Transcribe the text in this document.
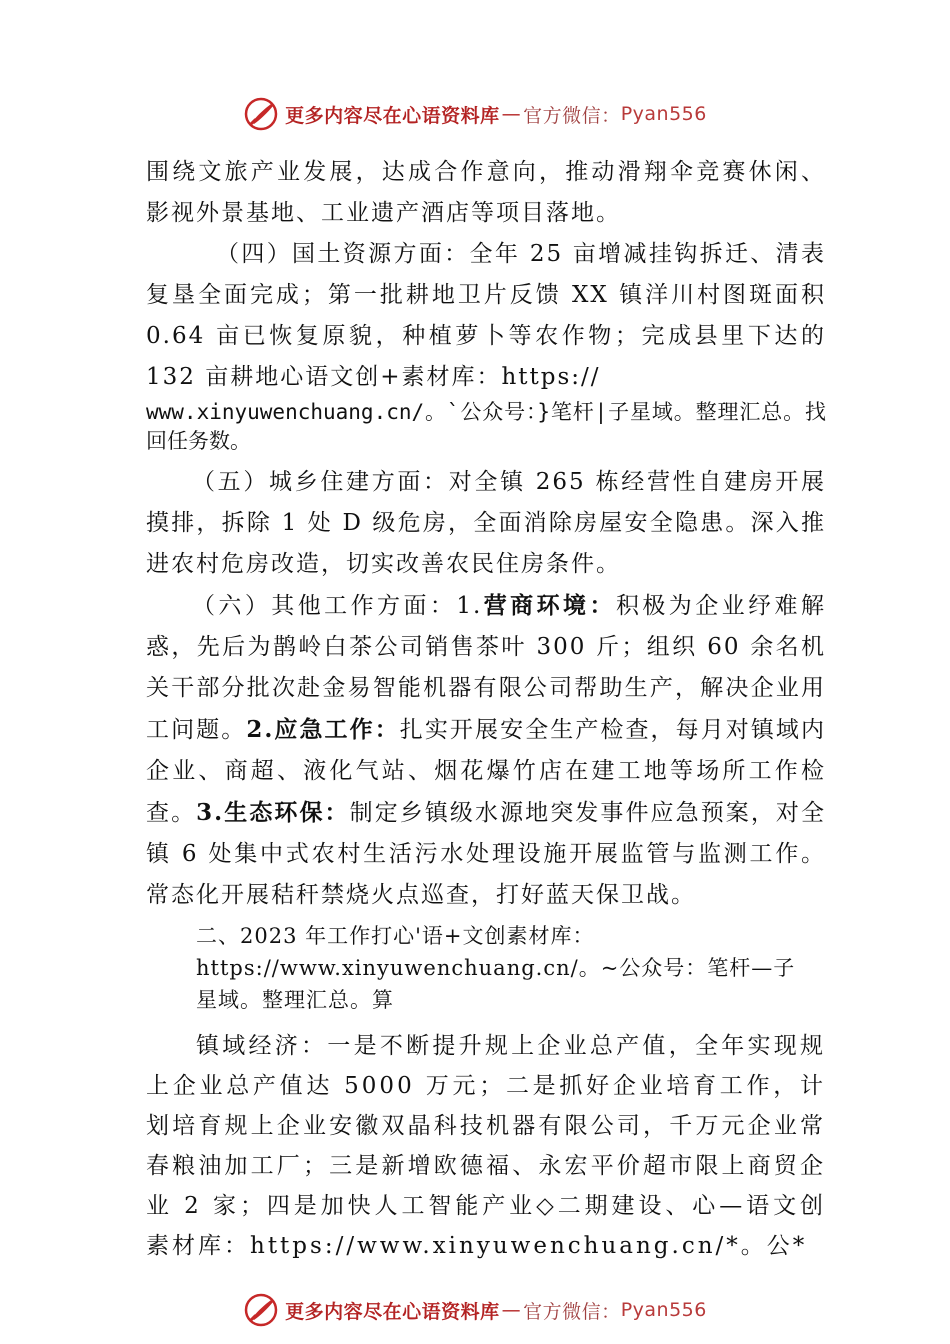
更多内容尽在心语资料库 — 官方微信： Pyan556

围绕文旅产业发展，达成合作意向，推动滑翔伞竞赛休闲、 影视外景基地、工业遗产酒店等项目落地。

（四）国土资源方面：全年 25 亩增减挂钩拆迁、清表复垦全面完成；第一批耕地卫片反馈 XX 镇洋川村图斑面积 0.64 亩已恢复原貌，种植萝卜等农作物；完成县里下达的 132 亩耕地心语文创+素材库：https://

www.xinyuwenchuang.cn/。`公众号：}笔杆|子星域。整理汇总。找回任务数。

（五）城乡住建方面：对全镇 265 栋经营性自建房开展摸排，拆除 1 处 D 级危房，全面消除房屋安全隐患。深入推进农村危房改造，切实改善农民住房条件。

（六）其他工作方面：1.营商环境：积极为企业纾难解惑，先后为鹊岭白茶公司销售茶叶 300 斤；组织 60 余名机关干部分批次赴金易智能机器有限公司帮助生产，解决企业用工问题。2.应急工作：扎实开展安全生产检查，每月对镇域内企业、商超、液化气站、烟花爆竹店在建工地等场所工作检查。3.生态环保：制定乡镇级水源地突发事件应急预案，对全镇 6 处集中式农村生活污水处理设施开展监管与监测工作。常态化开展秸秆禁烧火点巡查，打好蓝天保卫战。

二、2023 年工作打心'语+文创素材库：
https://www.xinyuwenchuang.cn/。~公众号：笔杆—子
星域。整理汇总。算

镇域经济：一是不断提升规上企业总产值，全年实现规上企业总产值达 5000 万元；二是抓好企业培育工作，计划培育规上企业安徽双晶科技机器有限公司，千万元企业常春粮油加工厂；三是新增欧德福、永宏平价超市限上商贸企业 2 家；四是加快人工智能产业◇二期建设、心—语文创素材库：https://www.xinyuwenchuang.cn/*。公*

更多内容尽在心语资料库 — 官方微信： Pyan556
